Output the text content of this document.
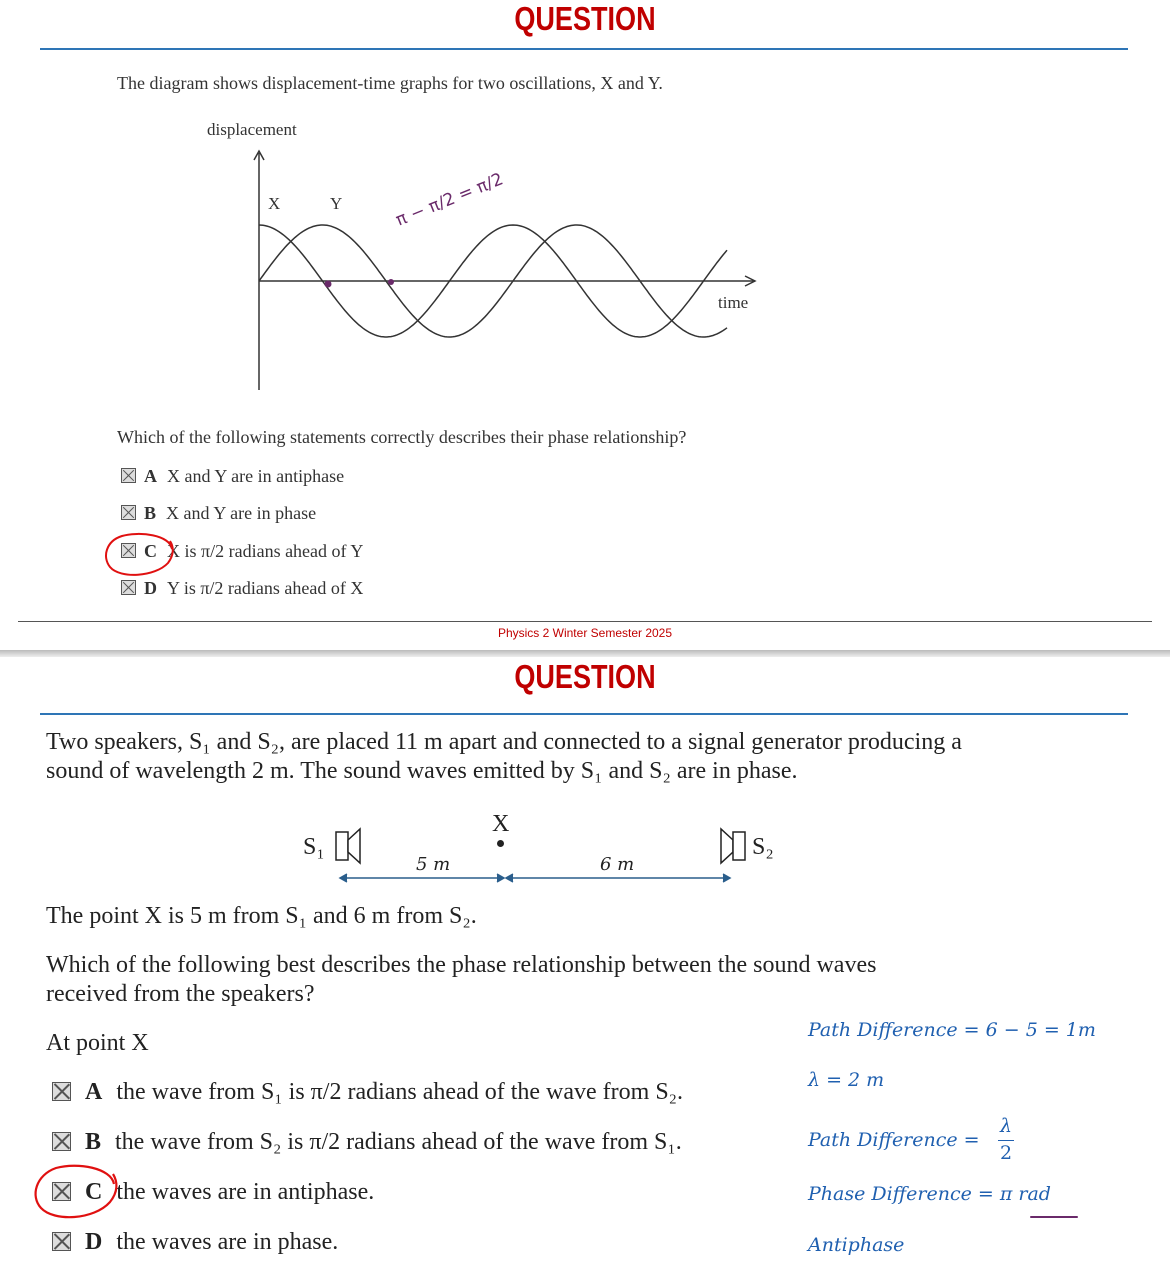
QUESTION
The diagram shows displacement-time graphs for two oscillations, X and Y.
displacement
X	Y
time
π − π/2 = π/2
Which of the following statements correctly describes their phase relationship?
A X and Y are in antiphase
B X and Y are in phase
C X is π/2 radians ahead of Y
D Y is π/2 radians ahead of X
Physics 2 Winter Semester 2025
QUESTION
Two speakers, S₁ and S₂, are placed 11 m apart and connected to a signal generator producing a
sound of wavelength 2 m. The sound waves emitted by S₁ and S₂ are in phase.
S₁
X
S₂
5 m	6 m
The point X is 5 m from S₁ and 6 m from S₂.
Which of the following best describes the phase relationship between the sound waves
received from the speakers?
At point X
A the wave from S₁ is π/2 radians ahead of the wave from S₂.
B the wave from S₂ is π/2 radians ahead of the wave from S₁.
C the waves are in antiphase.
D the waves are in phase.
Path Difference = 6 − 5 = 1m
λ = 2 m
Path Difference =
λ
2
Phase Difference = π rad
Antiphase
